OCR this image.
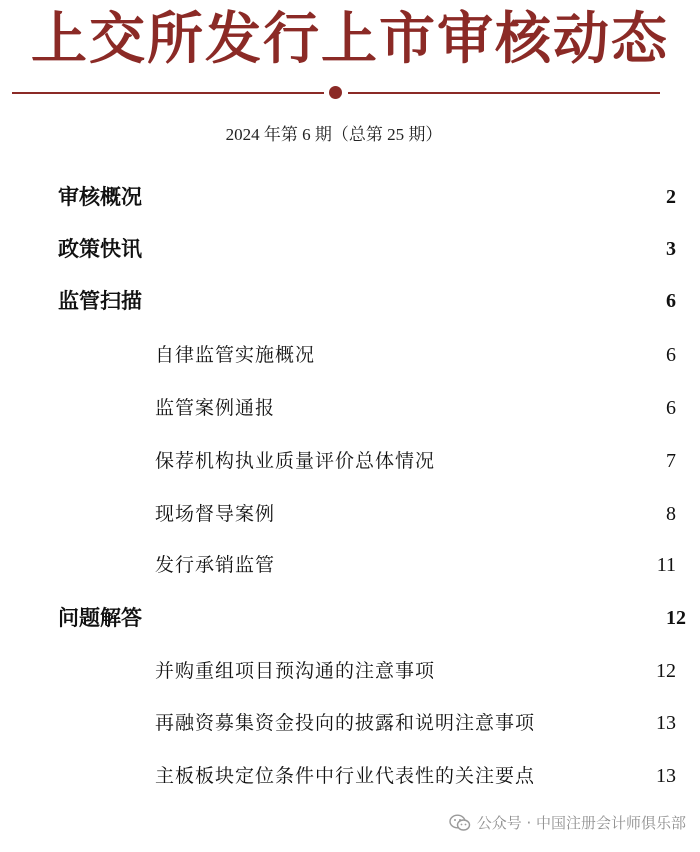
上交所发行上市审核动态
2024 年第 6 期（总第 25 期）
审核概况	2
政策快讯	3
监管扫描	6
自律监管实施概况	6
监管案例通报	6
保荐机构执业质量评价总体情况	7
现场督导案例	8
发行承销监管	11
问题解答	12
并购重组项目预沟通的注意事项	12
再融资募集资金投向的披露和说明注意事项	13
主板板块定位条件中行业代表性的关注要点	13
公众号 · 中国注册会计师俱乐部
